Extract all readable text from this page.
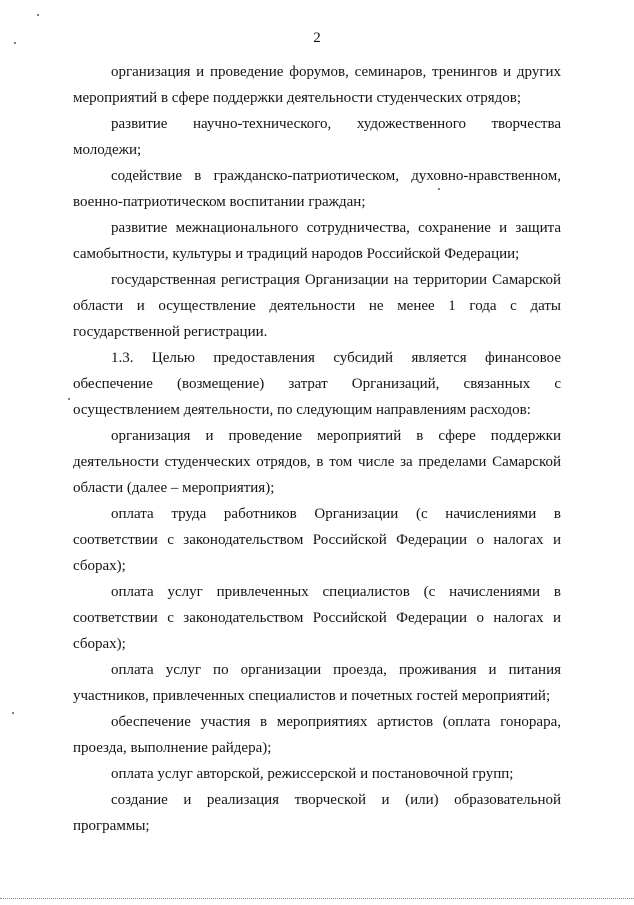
2

организация и проведение форумов, семинаров, тренингов и других мероприятий в сфере поддержки деятельности студенческих отрядов;

развитие научно-технического, художественного творчества молодежи;

содействие в гражданско-патриотическом, духовно-нравственном, военно-патриотическом воспитании граждан;

развитие межнационального сотрудничества, сохранение и защита самобытности, культуры и традиций народов Российской Федерации;

государственная регистрация Организации на территории Самарской области и осуществление деятельности не менее 1 года с даты государственной регистрации.

1.3. Целью предоставления субсидий является финансовое обеспечение (возмещение) затрат Организаций, связанных с осуществлением деятельности, по следующим направлениям расходов:

организация и проведение мероприятий в сфере поддержки деятельности студенческих отрядов, в том числе за пределами Самарской области (далее – мероприятия);

оплата труда работников Организации (с начислениями в соответствии с законодательством Российской Федерации о налогах и сборах);

оплата услуг привлеченных специалистов (с начислениями в соответствии с законодательством Российской Федерации о налогах и сборах);

оплата услуг по организации проезда, проживания и питания участников, привлеченных специалистов и почетных гостей мероприятий;

обеспечение участия в мероприятиях артистов (оплата гонорара, проезда, выполнение райдера);

оплата услуг авторской, режиссерской и постановочной групп;

создание и реализация творческой и (или) образовательной программы;
